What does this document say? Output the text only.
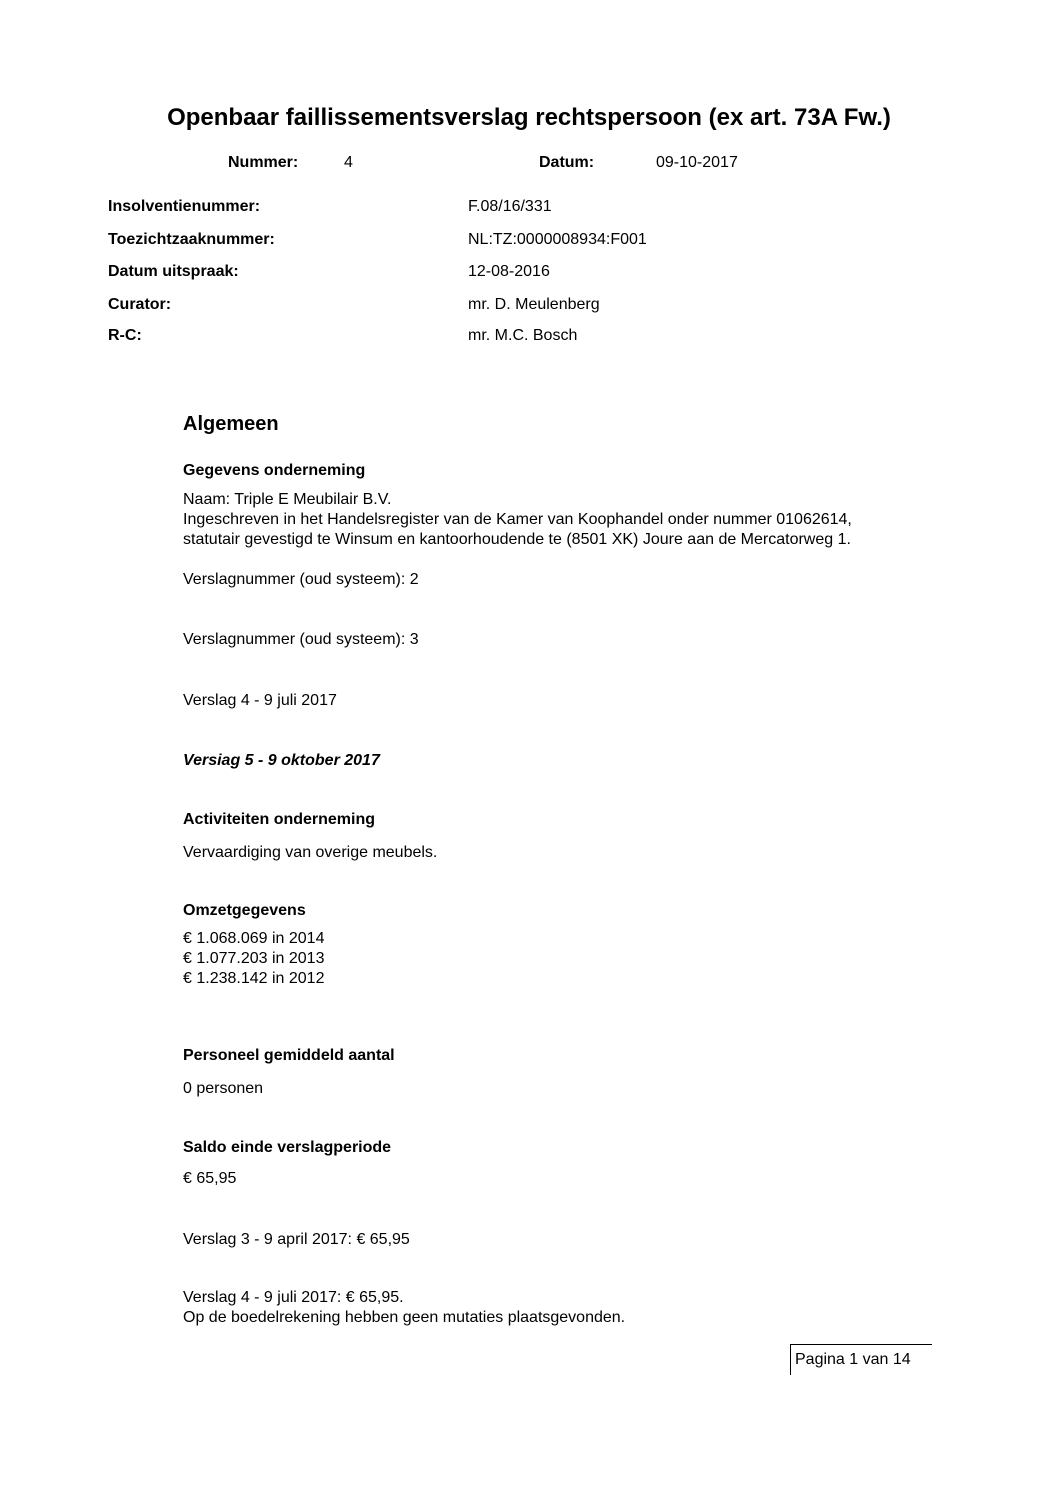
Openbaar faillissementsverslag rechtspersoon (ex art. 73A Fw.)
Nummer:	4	Datum:	09-10-2017
Insolventienummer:	F.08/16/331
Toezichtzaaknummer:	NL:TZ:0000008934:F001
Datum uitspraak:	12-08-2016
Curator:	mr. D. Meulenberg
R-C:	mr. M.C. Bosch
Algemeen
Gegevens onderneming
Naam: Triple E Meubilair B.V.
Ingeschreven in het Handelsregister van de Kamer van Koophandel onder nummer 01062614,
statutair gevestigd te Winsum en kantoorhoudende te (8501 XK) Joure aan de Mercatorweg 1.
Verslagnummer (oud systeem): 2
Verslagnummer (oud systeem): 3
Verslag 4 - 9 juli 2017
Versiag 5 - 9 oktober 2017
Activiteiten onderneming
Vervaardiging van overige meubels.
Omzetgegevens
€ 1.068.069 in 2014
€ 1.077.203 in 2013
€ 1.238.142 in 2012
Personeel gemiddeld aantal
0 personen
Saldo einde verslagperiode
€ 65,95
Verslag 3 - 9 april 2017: € 65,95
Verslag 4 - 9 juli 2017: € 65,95.
Op de boedelrekening hebben geen mutaties plaatsgevonden.
Pagina 1 van 14
